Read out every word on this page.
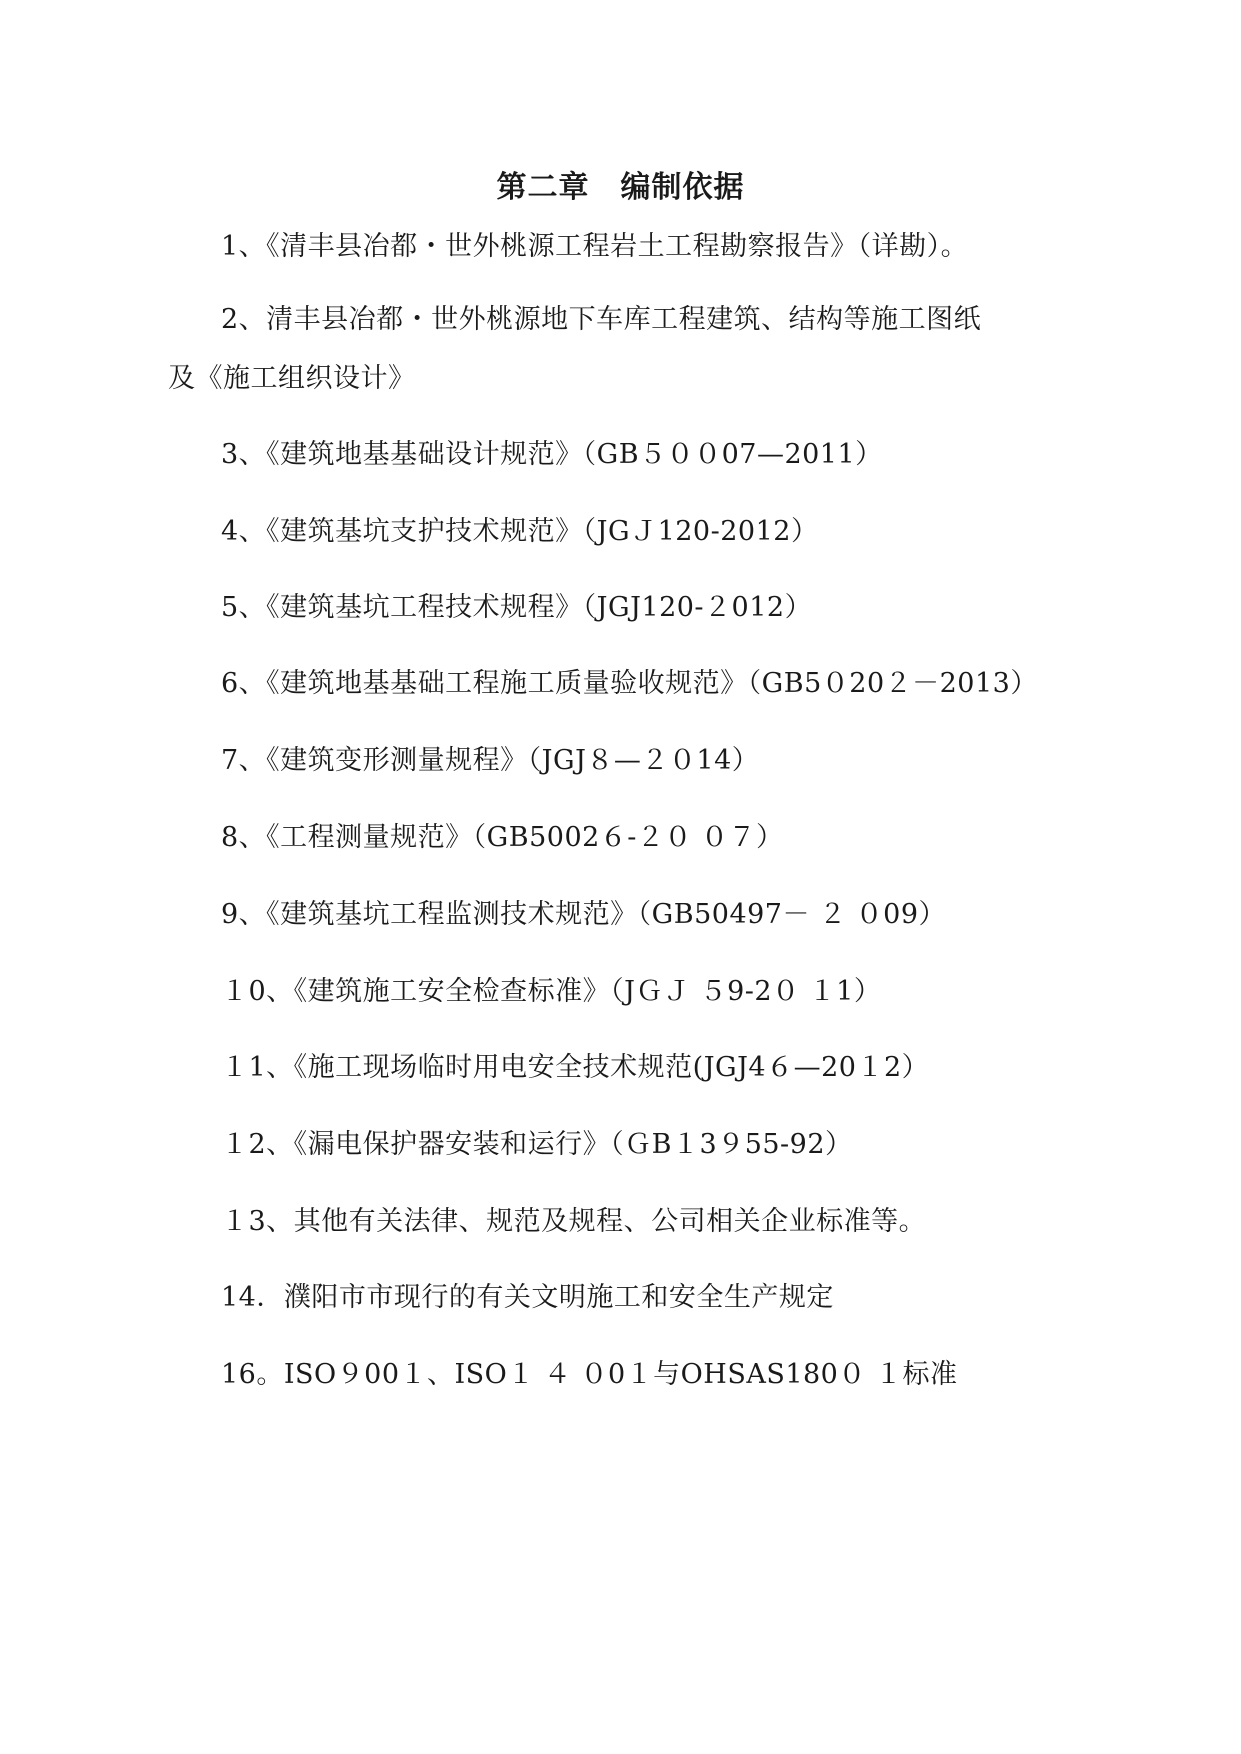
第二章　编制依据
1、《清丰县冶都・世外桃源工程岩土工程勘察报告》（详勘）。
2、清丰县冶都・世外桃源地下车库工程建筑、结构等施工图纸
及《施工组织设计》
3、《建筑地基基础设计规范》（GB５００07—2011）
4、《建筑基坑支护技术规范》（JGＪ120-2012）
5、《建筑基坑工程技术规程》（JGJ120-２012）
6、《建筑地基基础工程施工质量验收规范》（GB5０20２－2013）
7、《建筑变形测量规程》（JGJ８—２０14）
8、《工程测量规范》（GB5002６-２０ ０７）
9、《建筑基坑工程监测技术规范》（GB50497－ ２ ０09）
１0、《建筑施工安全检查标准》（JＧＪ ５9-2０ １1）
１1、《施工现场临时用电安全技术规范(JGJ4６—20１2）
１2、《漏电保护器安装和运行》（ＧB１3９55-92）
１3、其他有关法律、规范及规程、公司相关企业标准等。
14．濮阳市市现行的有关文明施工和安全生产规定
16。ISO９00１、ISO１ ４ ０0１与OHSAS180０ １标准
